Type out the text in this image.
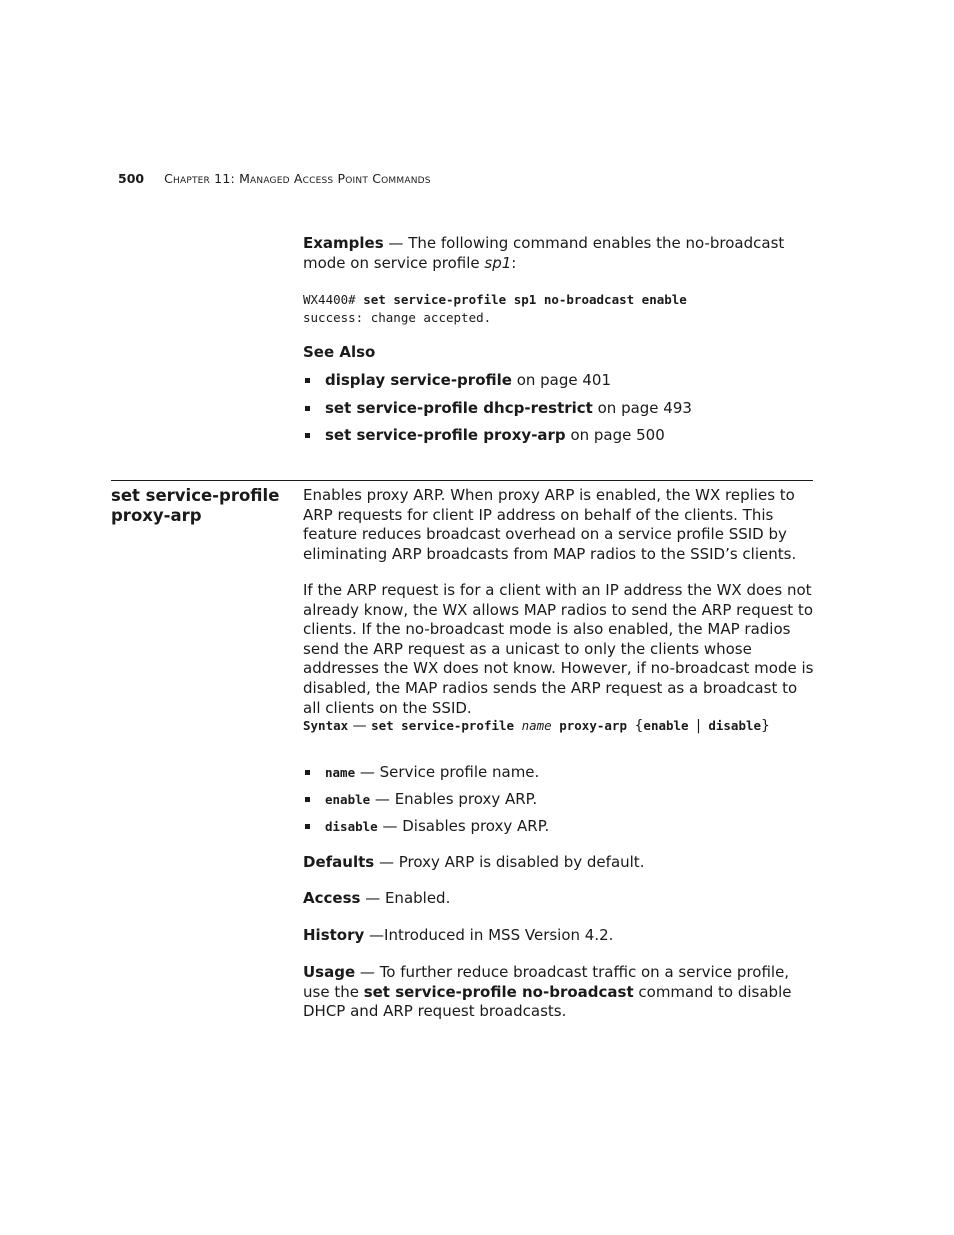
500 Chapter 11: Managed Access Point Commands
Examples — The following command enables the no-broadcast mode on service profile sp1:
WX4400# set service-profile sp1 no-broadcast enable
success: change accepted.
See Also
display service-profile on page 401
set service-profile dhcp-restrict on page 493
set service-profile proxy-arp on page 500
set service-profile proxy-arp
Enables proxy ARP. When proxy ARP is enabled, the WX replies to ARP requests for client IP address on behalf of the clients. This feature reduces broadcast overhead on a service profile SSID by eliminating ARP broadcasts from MAP radios to the SSID’s clients.
If the ARP request is for a client with an IP address the WX does not already know, the WX allows MAP radios to send the ARP request to clients. If the no-broadcast mode is also enabled, the MAP radios send the ARP request as a unicast to only the clients whose addresses the WX does not know. However, if no-broadcast mode is disabled, the MAP radios sends the ARP request as a broadcast to all clients on the SSID.
Syntax — set service-profile name proxy-arp {enable | disable}
name — Service profile name.
enable — Enables proxy ARP.
disable — Disables proxy ARP.
Defaults — Proxy ARP is disabled by default.
Access — Enabled.
History —Introduced in MSS Version 4.2.
Usage — To further reduce broadcast traffic on a service profile, use the set service-profile no-broadcast command to disable DHCP and ARP request broadcasts.
